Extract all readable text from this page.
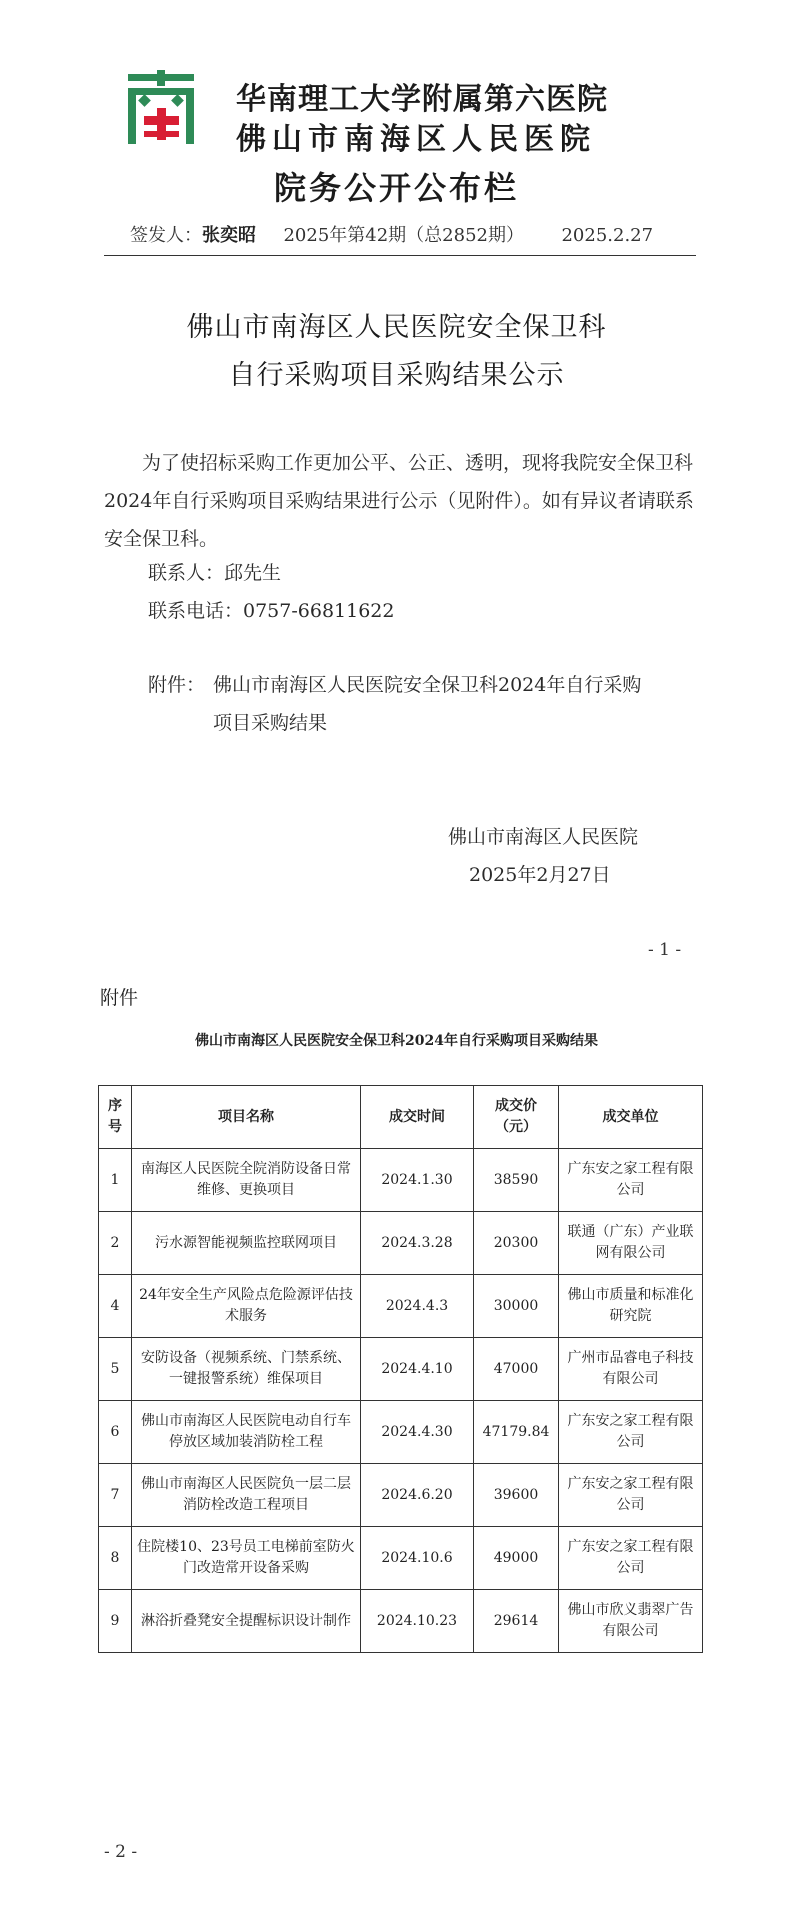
华南理工大学附属第六医院
佛山市南海区人民医院
院务公开公布栏
签发人：张奕昭 2025年第42期（总2852期） 2025.2.27
佛山市南海区人民医院安全保卫科
自行采购项目采购结果公示
为了使招标采购工作更加公平、公正、透明，现将我院安全保卫科2024年自行采购项目采购结果进行公示（见附件）。如有异议者请联系安全保卫科。
联系人：邱先生
联系电话：0757-66811622
附件： 佛山市南海区人民医院安全保卫科2024年自行采购
项目采购结果
佛山市南海区人民医院
2025年2月27日
- 1 -
附件
佛山市南海区人民医院安全保卫科2024年自行采购项目采购结果
序号	项目名称	成交时间	成交价（元）	成交单位
1	南海区人民医院全院消防设备日常维修、更换项目	2024.1.30	38590	广东安之家工程有限公司
2	污水源智能视频监控联网项目	2024.3.28	20300	联通（广东）产业联网有限公司
4	24年安全生产风险点危险源评估技术服务	2024.4.3	30000	佛山市质量和标准化研究院
5	安防设备（视频系统、门禁系统、一键报警系统）维保项目	2024.4.10	47000	广州市品睿电子科技有限公司
6	佛山市南海区人民医院电动自行车停放区域加装消防栓工程	2024.4.30	47179.84	广东安之家工程有限公司
7	佛山市南海区人民医院负一层二层消防栓改造工程项目	2024.6.20	39600	广东安之家工程有限公司
8	住院楼10、23号员工电梯前室防火门改造常开设备采购	2024.10.6	49000	广东安之家工程有限公司
9	淋浴折叠凳安全提醒标识设计制作	2024.10.23	29614	佛山市欣义翡翠广告有限公司
- 2 -
